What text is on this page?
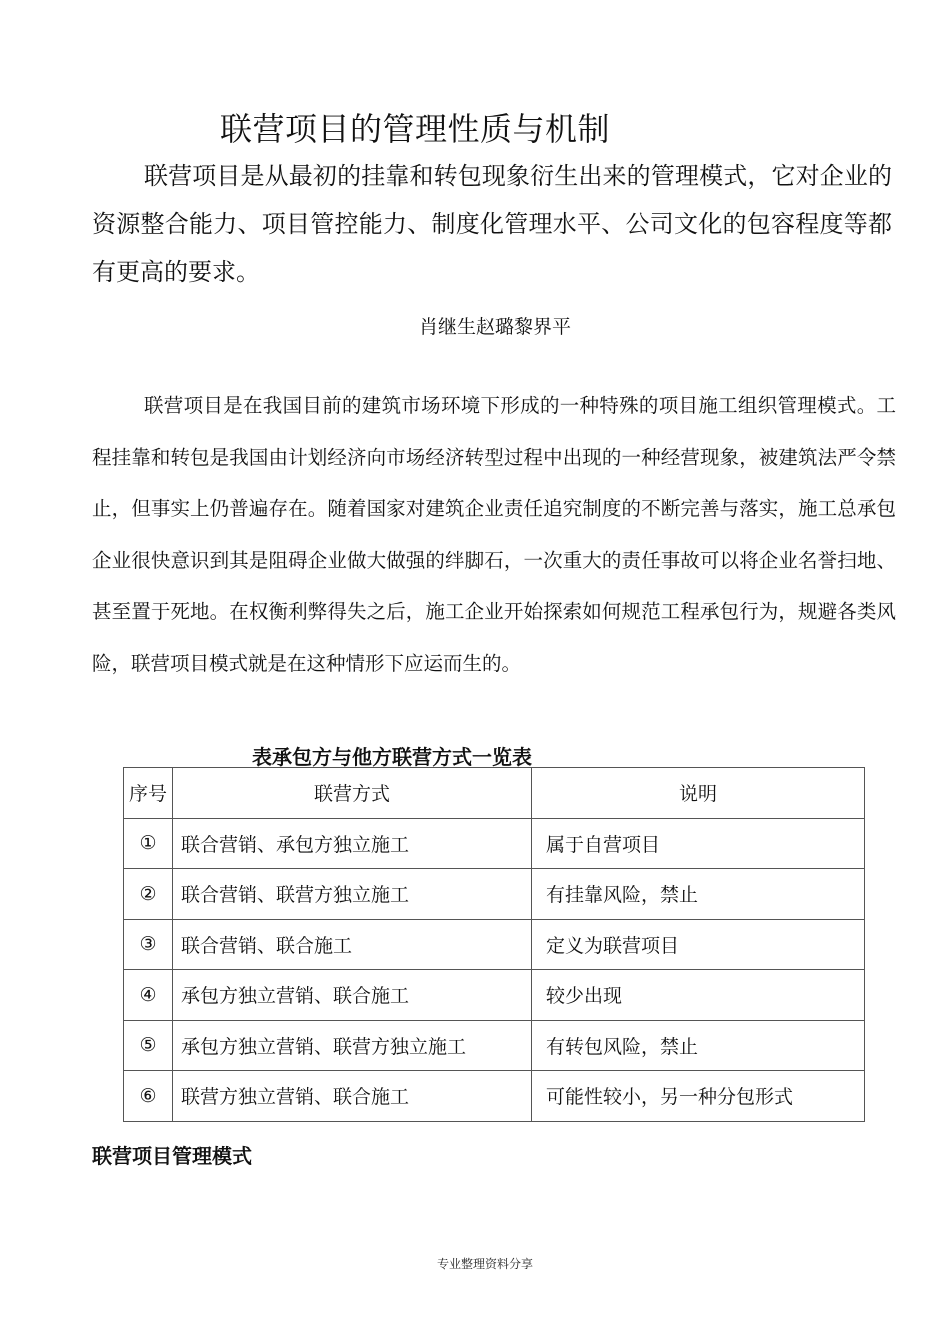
联营项目的管理性质与机制
联营项目是从最初的挂靠和转包现象衍生出来的管理模式，它对企业的资源整合能力、项目管控能力、制度化管理水平、公司文化的包容程度等都有更高的要求。
肖继生赵璐黎界平
联营项目是在我国目前的建筑市场环境下形成的一种特殊的项目施工组织管理模式。工程挂靠和转包是我国由计划经济向市场经济转型过程中出现的一种经营现象，被建筑法严令禁止，但事实上仍普遍存在。随着国家对建筑企业责任追究制度的不断完善与落实，施工总承包企业很快意识到其是阻碍企业做大做强的绊脚石，一次重大的责任事故可以将企业名誉扫地、甚至置于死地。在权衡利弊得失之后，施工企业开始探索如何规范工程承包行为，规避各类风险，联营项目模式就是在这种情形下应运而生的。
表承包方与他方联营方式一览表
序号	联营方式	说明
①	联合营销、承包方独立施工	属于自营项目
②	联合营销、联营方独立施工	有挂靠风险，禁止
③	联合营销、联合施工	定义为联营项目
④	承包方独立营销、联合施工	较少出现
⑤	承包方独立营销、联营方独立施工	有转包风险，禁止
⑥	联营方独立营销、联合施工	可能性较小，另一种分包形式
联营项目管理模式
专业整理资料分享
